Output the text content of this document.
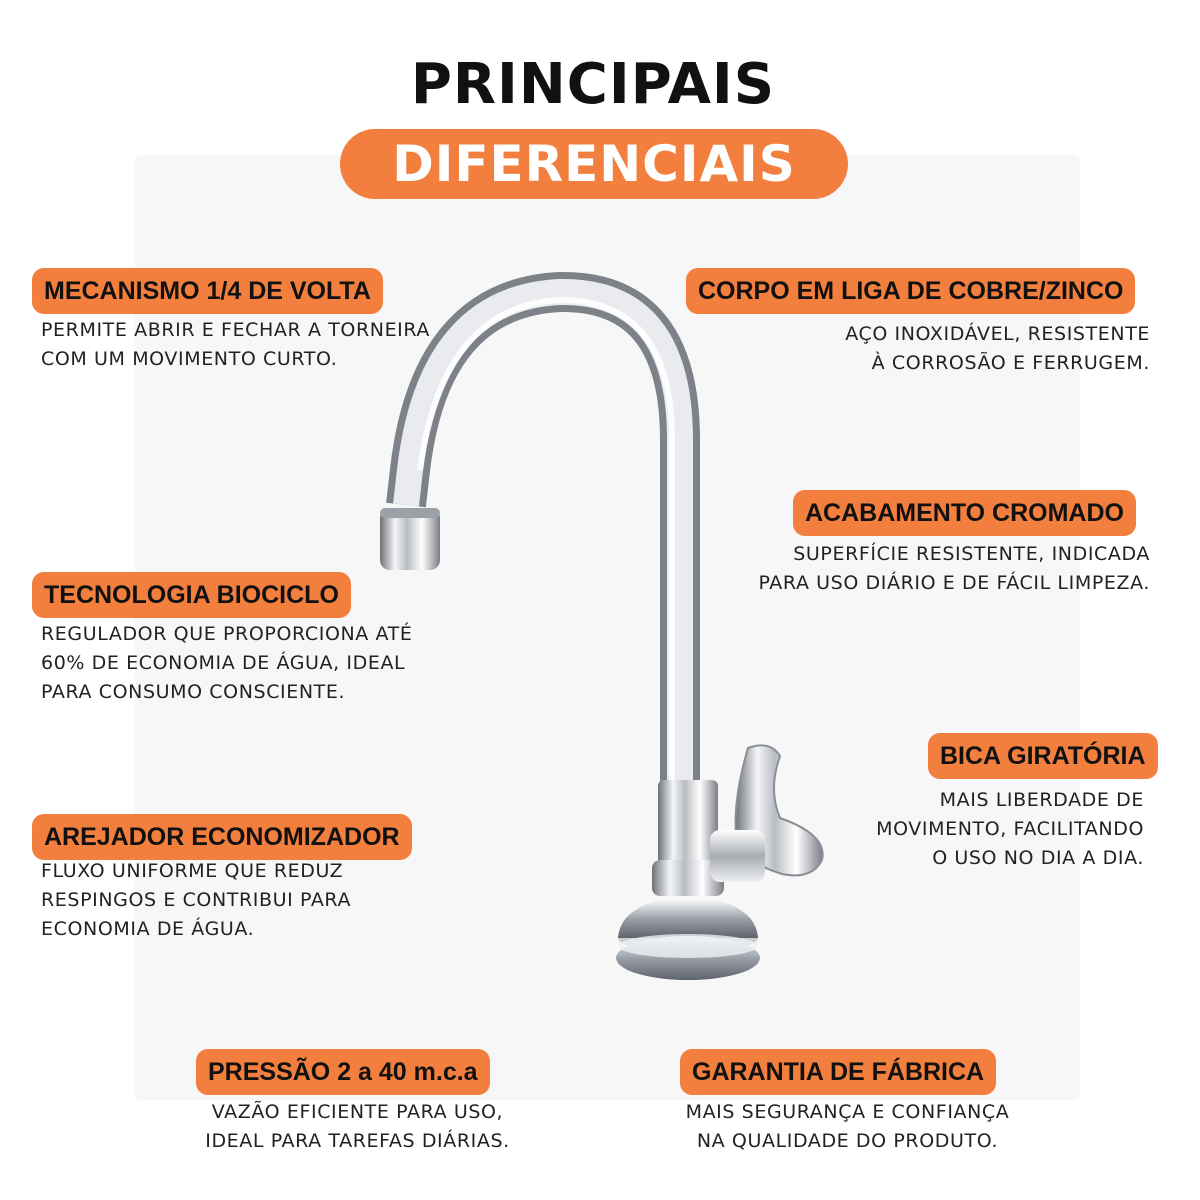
PRINCIPAIS
DIFERENCIAIS
MECANISMO 1/4 DE VOLTA
PERMITE ABRIR E FECHAR A TORNEIRA
COM UM MOVIMENTO CURTO.
TECNOLOGIA BIOCICLO
REGULADOR QUE PROPORCIONA ATÉ
60% DE ECONOMIA DE ÁGUA, IDEAL
PARA CONSUMO CONSCIENTE.
AREJADOR ECONOMIZADOR
FLUXO UNIFORME QUE REDUZ
RESPINGOS E CONTRIBUI PARA
ECONOMIA DE ÁGUA.
CORPO EM LIGA DE COBRE/ZINCO
AÇO INOXIDÁVEL, RESISTENTE
À CORROSÃO E FERRUGEM.
ACABAMENTO CROMADO
SUPERFÍCIE RESISTENTE, INDICADA
PARA USO DIÁRIO E DE FÁCIL LIMPEZA.
BICA GIRATÓRIA
MAIS LIBERDADE DE
MOVIMENTO, FACILITANDO
O USO NO DIA A DIA.
PRESSÃO 2 a 40 m.c.a
VAZÃO EFICIENTE PARA USO,
IDEAL PARA TAREFAS DIÁRIAS.
GARANTIA DE FÁBRICA
MAIS SEGURANÇA E CONFIANÇA
NA QUALIDADE DO PRODUTO.
